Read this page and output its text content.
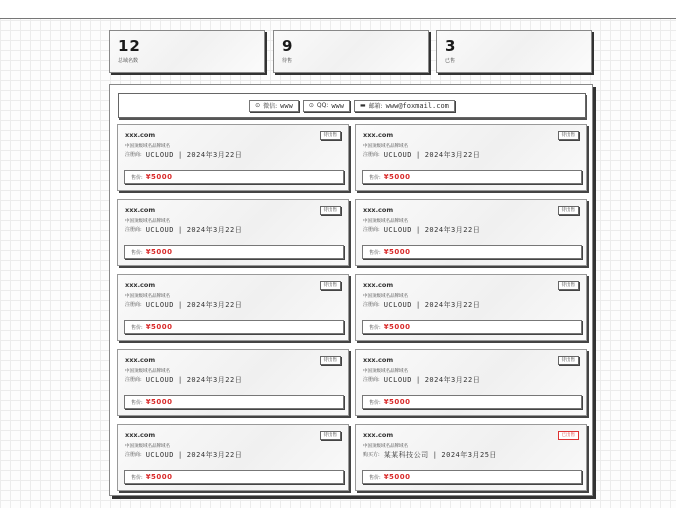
12
总域名数
9
待售
3
已售
⊙ 微信: www	⊙ QQ: www	▬ 邮箱: www@foxmail.com
xxx.com	待出售
中国顶级域名品牌域名
注册商: UCLOUD | 2024年3月22日
售价: ¥5000
xxx.com	待出售
中国顶级域名品牌域名
注册商: UCLOUD | 2024年3月22日
售价: ¥5000
xxx.com	待出售
中国顶级域名品牌域名
注册商: UCLOUD | 2024年3月22日
售价: ¥5000
xxx.com	待出售
中国顶级域名品牌域名
注册商: UCLOUD | 2024年3月22日
售价: ¥5000
xxx.com	待出售
中国顶级域名品牌域名
注册商: UCLOUD | 2024年3月22日
售价: ¥5000
xxx.com	待出售
中国顶级域名品牌域名
注册商: UCLOUD | 2024年3月22日
售价: ¥5000
xxx.com	待出售
中国顶级域名品牌域名
注册商: UCLOUD | 2024年3月22日
售价: ¥5000
xxx.com	待出售
中国顶级域名品牌域名
注册商: UCLOUD | 2024年3月22日
售价: ¥5000
xxx.com	待出售
中国顶级域名品牌域名
注册商: UCLOUD | 2024年3月22日
售价: ¥5000
xxx.com	已出售
中国顶级域名品牌域名
购买方: 某某科技公司 | 2024年3月25日
售价: ¥5000
